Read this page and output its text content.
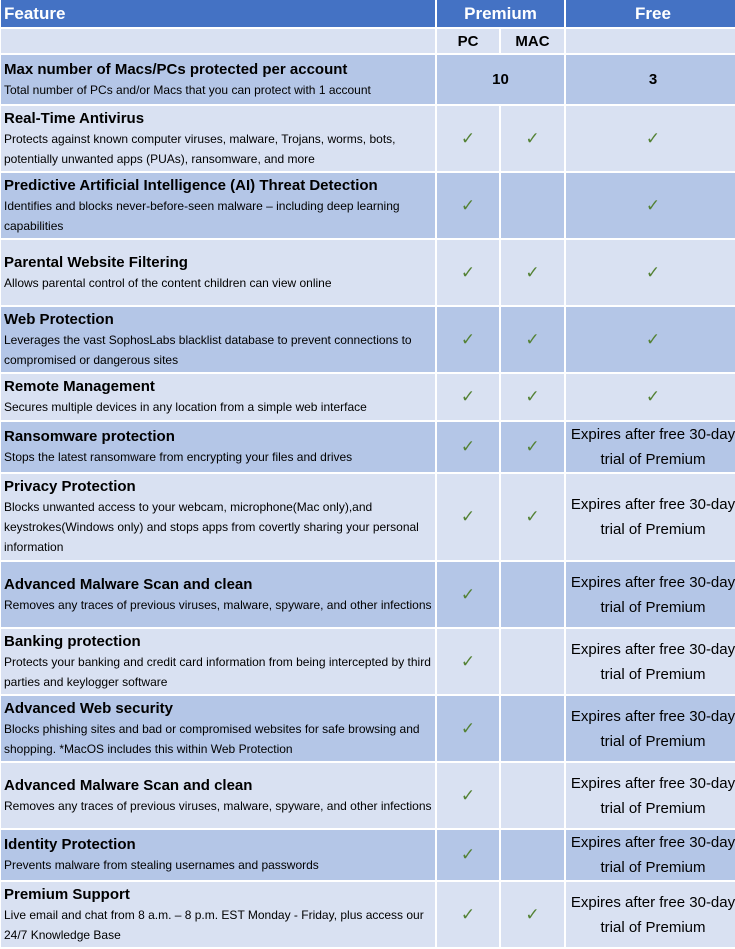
Feature	Premium		Free
	PC	MAC	

Max number of Macs/PCs protected per account
Total number of PCs and/or Macs that you can protect with 1 account	10		3

Real-Time Antivirus
Protects against known computer viruses, malware, Trojans, worms, bots, potentially unwanted apps (PUAs), ransomware, and more	✓	✓	✓

Predictive Artificial Intelligence (AI) Threat Detection
Identifies and blocks never-before-seen malware – including deep learning capabilities	✓		✓

Parental Website Filtering
Allows parental control of the content children can view online	✓	✓	✓

Web Protection
Leverages the vast SophosLabs blacklist database to prevent connections to compromised or dangerous sites	✓	✓	✓

Remote Management
Secures multiple devices in any location from a simple web interface	✓	✓	✓

Ransomware protection
Stops the latest ransomware from encrypting your files and drives	✓	✓	Expires after free 30-day trial of Premium

Privacy Protection
Blocks unwanted access to your webcam, microphone(Mac only),and keystrokes(Windows only) and stops apps from covertly sharing your personal information	✓	✓	Expires after free 30-day trial of Premium

Advanced Malware Scan and clean
Removes any traces of previous viruses, malware, spyware, and other infections	✓		Expires after free 30-day trial of Premium

Banking protection
Protects your banking and credit card information from being intercepted by third parties and keylogger software	✓		Expires after free 30-day trial of Premium

Advanced Web security
Blocks phishing sites and bad or compromised websites for safe browsing and shopping. *MacOS includes this within Web Protection	✓		Expires after free 30-day trial of Premium

Advanced Malware Scan and clean
Removes any traces of previous viruses, malware, spyware, and other infections	✓		Expires after free 30-day trial of Premium

Identity Protection
Prevents malware from stealing usernames and passwords	✓		Expires after free 30-day trial of Premium

Premium Support
Live email and chat from 8 a.m. – 8 p.m. EST Monday - Friday, plus access our 24/7 Knowledge Base	✓	✓	Expires after free 30-day trial of Premium
